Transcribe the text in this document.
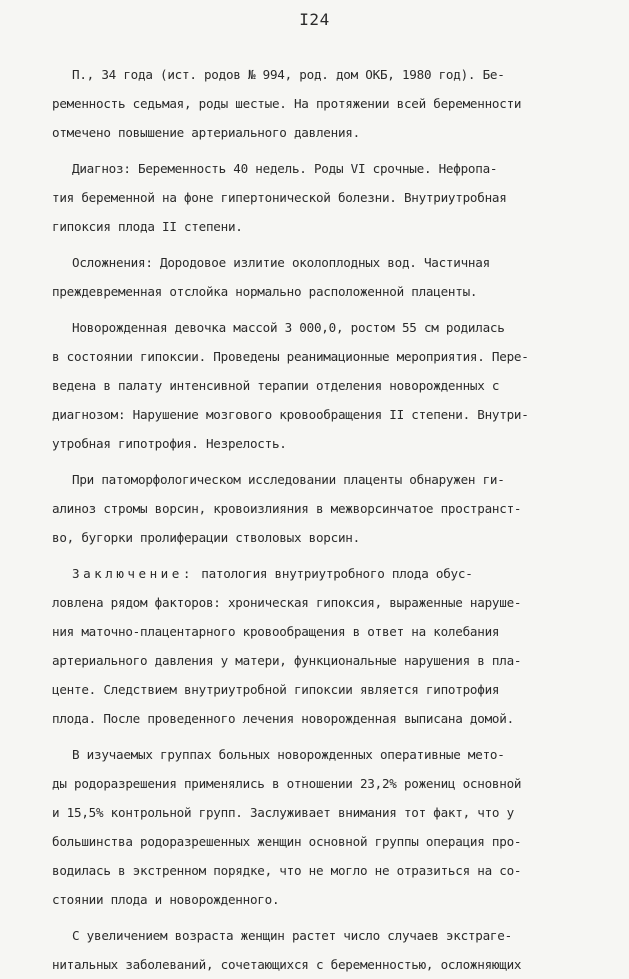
I24
П., 34 года (ист. родов № 994, род. дом ОКБ, 1980 год). Бе-
ременность седьмая, роды шестые. На протяжении всей беременности
отмечено повышение артериального давления.
Диагноз: Беременность 40 недель. Роды VI срочные. Нефропа-
тия беременной на фоне гипертонической болезни. Внутриутробная
гипоксия плода II степени.
Осложнения: Дородовое излитие околоплодных вод. Частичная
преждевременная отслойка нормально расположенной плаценты.
Новорожденная девочка массой 3 000,0, ростом 55 см родилась
в состоянии гипоксии. Проведены реанимационные мероприятия. Пере-
ведена в палату интенсивной терапии отделения новорожденных с
диагнозом: Нарушение мозгового кровообращения II степени. Внутри-
утробная гипотрофия. Незрелость.
При патоморфологическом исследовании плаценты обнаружен ги-
алиноз стромы ворсин, кровоизлияния в межворсинчатое пространст-
во, бугорки пролиферации стволовых ворсин.
Заключение: патология внутриутробного плода обус-
ловлена рядом факторов: хроническая гипоксия, выраженные наруше-
ния маточно-плацентарного кровообращения в ответ на колебания
артериального давления у матери, функциональные нарушения в пла-
центе. Следствием внутриутробной гипоксии является гипотрофия
плода. После проведенного лечения новорожденная выписана домой.
В изучаемых группах больных новорожденных оперативные мето-
ды родоразрешения применялись в отношении 23,2% рожениц основной
и 15,5% контрольной групп. Заслуживает внимания тот факт, что у
большинства родоразрешенных женщин основной группы операция про-
водилась в экстренном порядке, что не могло не отразиться на со-
стоянии плода и новорожденного.
С увеличением возраста женщин растет число случаев экстраге-
нитальных заболеваний, сочетающихся с беременностью, осложняющих
